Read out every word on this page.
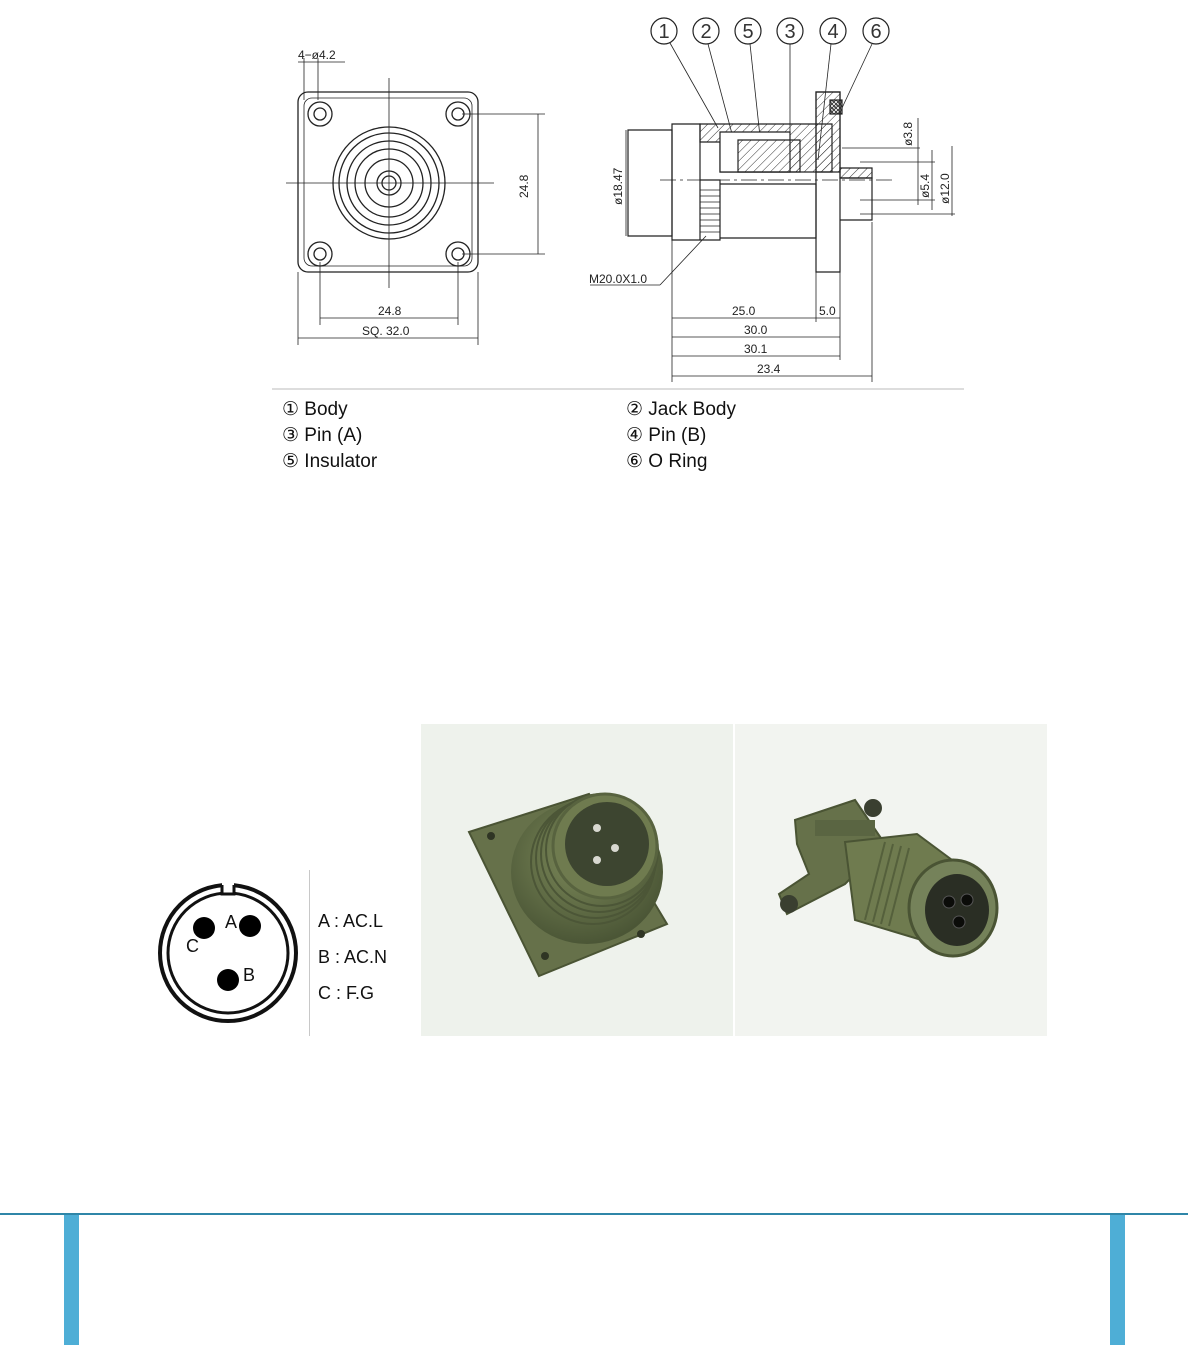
4−ø4.2
24.8
24.8
SQ. 32.0
1 2 5 3 4 6
ø18.47
M20.0X1.0
ø3.8
ø5.4 ø12.0
25.0	5.0
30.0
30.1
23.4
① Body
③ Pin (A)
⑤ Insulator
② Jack Body
④ Pin (B)
⑥ O Ring
A
C
B
A : AC.L
B : AC.N
C : F.G
